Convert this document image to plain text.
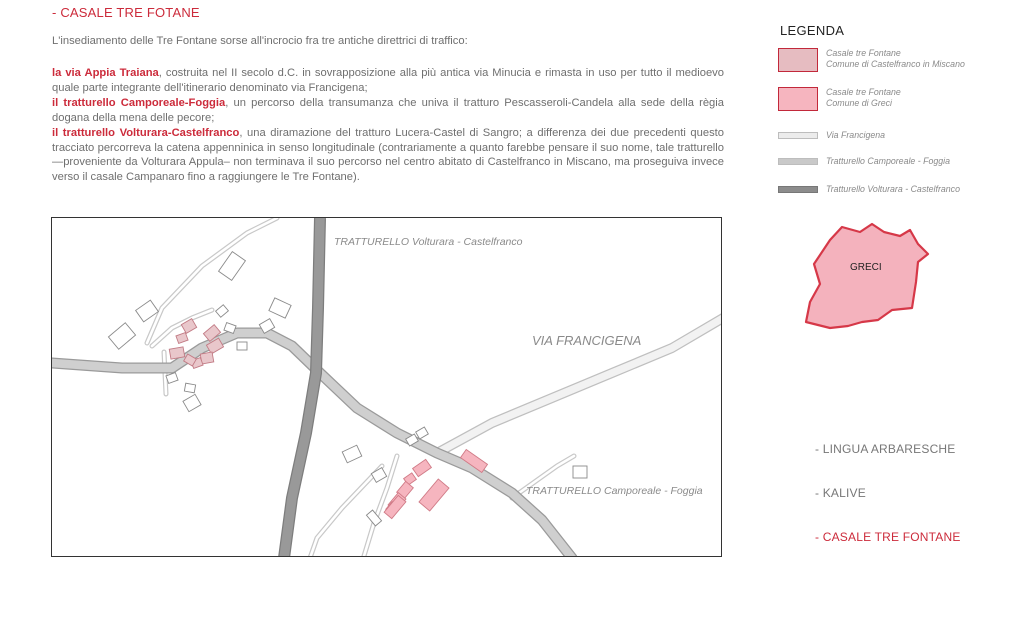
- CASALE TRE FOTANE
L'insediamento delle Tre Fontane sorse all'incrocio fra tre antiche direttrici di traffico:
la via Appia Traiana, costruita nel II secolo d.C. in sovrapposizione alla più antica via Minucia e rimasta in uso per tutto il medioevo quale parte integrante dell'itinerario denominato via Francigena;
il tratturello Camporeale-Foggia, un percorso della transumanza che univa il tratturo Pescasseroli-Candela alla sede della règia dogana della mena delle pecore;
il tratturello Volturara-Castelfranco, una diramazione del tratturo Lucera-Castel di Sangro; a differenza dei due precedenti questo tracciato percorreva la catena appenninica in senso longitudinale (contrariamente a quanto farebbe pensare il suo nome, tale tratturello —proveniente da Volturara Appula– non terminava il suo percorso nel centro abitato di Castelfranco in Miscano, ma proseguiva invece verso il casale Campanaro fino a raggiungere le Tre Fontane).
LEGENDA
Casale tre Fontane
Comune di Castelfranco in Miscano
Casale tre Fontane
Comune di Greci
Via Francigena
Tratturello Camporeale - Foggia
Tratturello Volturara - Castelfranco
TRATTURELLO Volturara - Castelfranco
VIA FRANCIGENA
TRATTURELLO Camporeale - Foggia
GRECI
- LINGUA ARBARESCHE
- KALIVE
- CASALE TRE FONTANE
